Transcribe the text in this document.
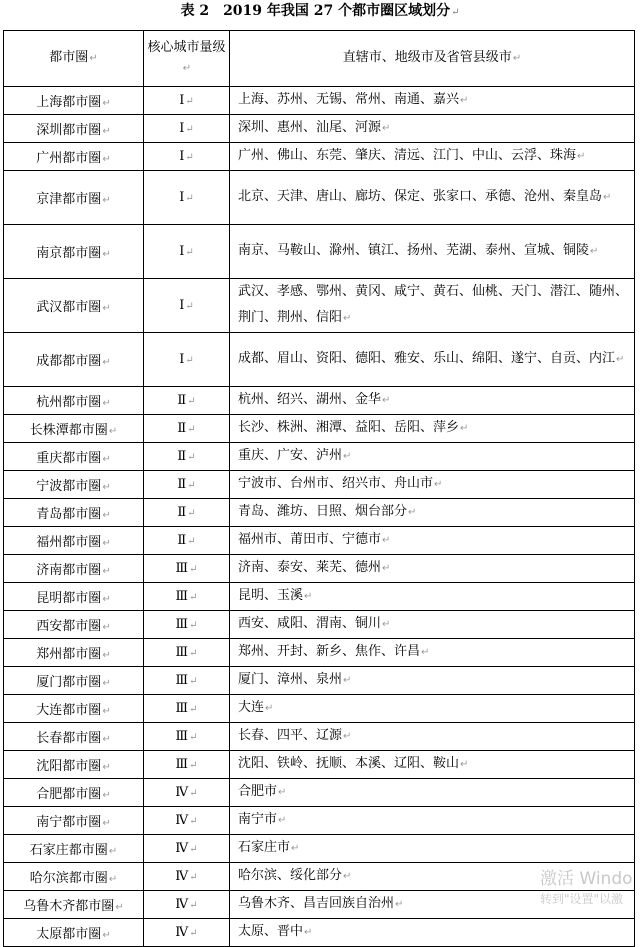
表 2　2019 年我国 27 个都市圈区域划分↵
都市圈↵	核心城市量级↵	直辖市、地级市及省管县级市↵
上海都市圈↵	Ⅰ↵	上海、苏州、无锡、常州、南通、嘉兴↵
深圳都市圈↵	Ⅰ↵	深圳、惠州、汕尾、河源↵
广州都市圈↵	Ⅰ↵	广州、佛山、东莞、肇庆、清远、江门、中山、云浮、珠海↵
京津都市圈↵	Ⅰ↵	北京、天津、唐山、廊坊、保定、张家口、承德、沧州、秦皇岛↵
南京都市圈↵	Ⅰ↵	南京、马鞍山、滁州、镇江、扬州、芜湖、泰州、宣城、铜陵↵
武汉都市圈↵	Ⅰ↵	武汉、孝感、鄂州、黄冈、咸宁、黄石、仙桃、天门、潜江、随州、荆门、荆州、信阳↵
成都都市圈↵	Ⅰ↵	成都、眉山、资阳、德阳、雅安、乐山、绵阳、遂宁、自贡、内江↵
杭州都市圈↵	Ⅱ↵	杭州、绍兴、湖州、金华↵
长株潭都市圈↵	Ⅱ↵	长沙、株洲、湘潭、益阳、岳阳、萍乡↵
重庆都市圈↵	Ⅱ↵	重庆、广安、泸州↵
宁波都市圈↵	Ⅱ↵	宁波市、台州市、绍兴市、舟山市↵
青岛都市圈↵	Ⅱ↵	青岛、潍坊、日照、烟台部分↵
福州都市圈↵	Ⅱ↵	福州市、莆田市、宁德市↵
济南都市圈↵	Ⅲ↵	济南、泰安、莱芜、德州↵
昆明都市圈↵	Ⅲ↵	昆明、玉溪↵
西安都市圈↵	Ⅲ↵	西安、咸阳、渭南、铜川↵
郑州都市圈↵	Ⅲ↵	郑州、开封、新乡、焦作、许昌↵
厦门都市圈↵	Ⅲ↵	厦门、漳州、泉州↵
大连都市圈↵	Ⅲ↵	大连↵
长春都市圈↵	Ⅲ↵	长春、四平、辽源↵
沈阳都市圈↵	Ⅲ↵	沈阳、铁岭、抚顺、本溪、辽阳、鞍山↵
合肥都市圈↵	Ⅳ↵	合肥市↵
南宁都市圈↵	Ⅳ↵	南宁市↵
石家庄都市圈↵	Ⅳ↵	石家庄市↵
哈尔滨都市圈↵	Ⅳ↵	哈尔滨、绥化部分↵
乌鲁木齐都市圈↵	Ⅳ↵	乌鲁木齐、昌吉回族自治州↵
太原都市圈↵	Ⅳ↵	太原、晋中↵
激活 Windo
转到"设置"以激
